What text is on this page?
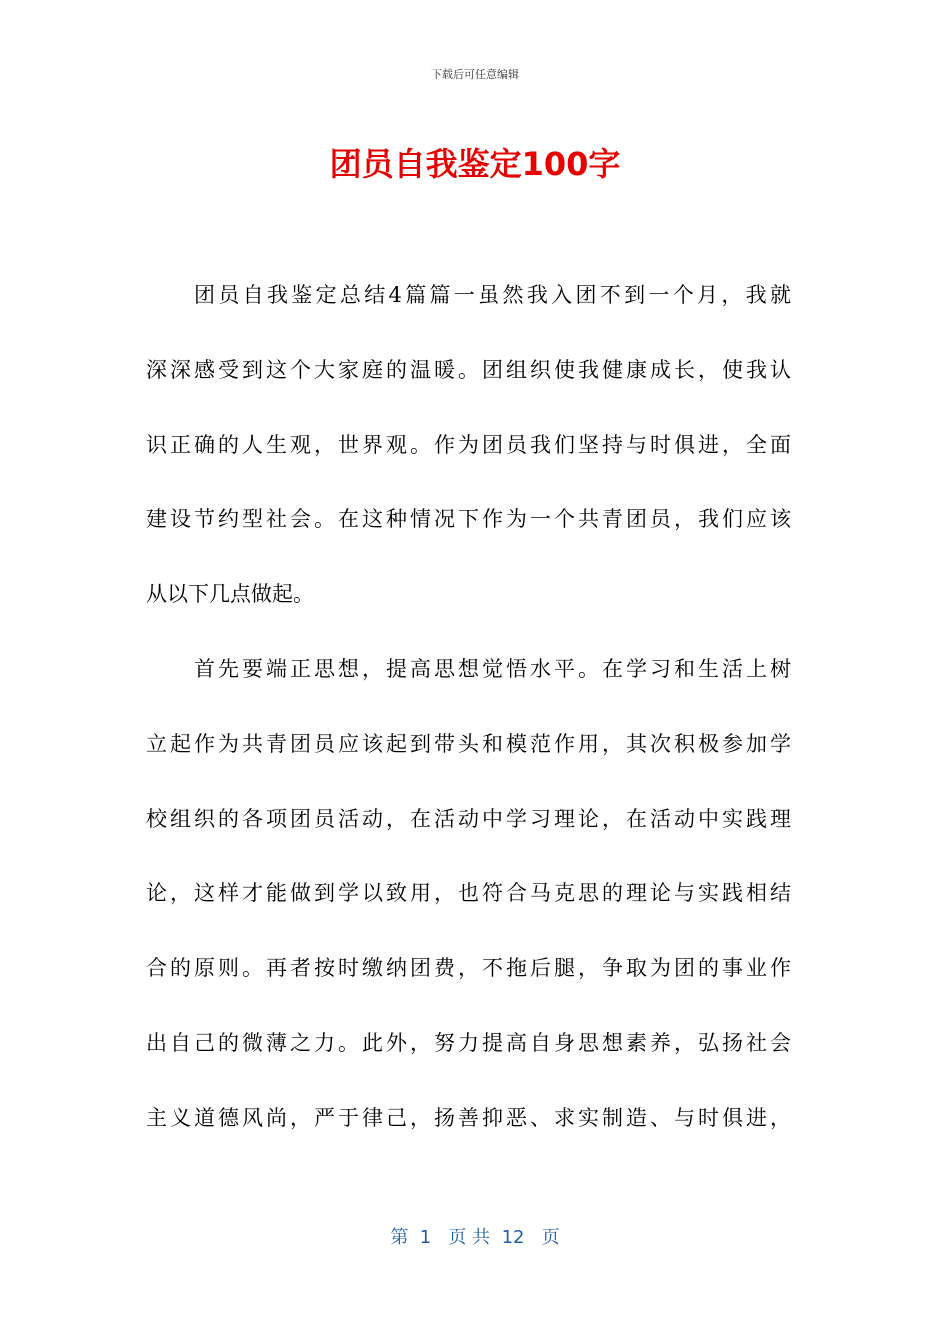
下载后可任意编辑
团员自我鉴定100字
团员自我鉴定总结4篇篇一虽然我入团不到一个月，我就
深深感受到这个大家庭的温暖。团组织使我健康成长，使我认
识正确的人生观，世界观。作为团员我们坚持与时俱进，全面
建设节约型社会。在这种情况下作为一个共青团员，我们应该
从以下几点做起。
首先要端正思想，提高思想觉悟水平。在学习和生活上树
立起作为共青团员应该起到带头和模范作用，其次积极参加学
校组织的各项团员活动，在活动中学习理论，在活动中实践理
论，这样才能做到学以致用，也符合马克思的理论与实践相结
合的原则。再者按时缴纳团费，不拖后腿，争取为团的事业作
出自己的微薄之力。此外，努力提高自身思想素养，弘扬社会
主义道德风尚，严于律己，扬善抑恶、求实制造、与时俱进，
第  1   页 共  12   页
